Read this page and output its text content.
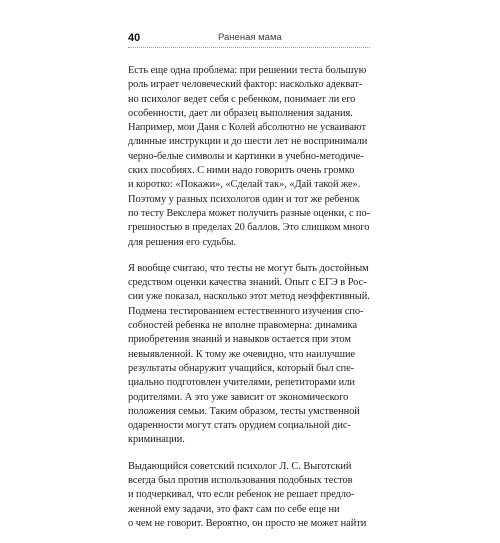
40	Раненая мама

Есть еще одна проблема: при решении теста большую
роль играет человеческий фактор: насколько адекват-
но психолог ведет себя с ребенком, понимает ли его
особенности, дает ли образец выполнения задания.
Например, мои Даня с Колей абсолютно не усваивают
длинные инструкции и до шести лет не воспринимали
черно-белые символы и картинки в учебно-методиче-
ских пособиях. С ними надо говорить очень громко
и коротко: «Покажи», «Сделай так», «Дай такой же».
Поэтому у разных психологов один и тот же ребенок
по тесту Векслера может получить разные оценки, с по-
грешностью в пределах 20 баллов. Это слишком много
для решения его судьбы.

Я вообще считаю, что тесты не могут быть достойным
средством оценки качества знаний. Опыт с ЕГЭ в Рос-
сии уже показал, насколько этот метод неэффективный.
Подмена тестированием естественного изучения спо-
собностей ребенка не вполне правомерна: динамика
приобретения знаний и навыков остается при этом
невыявленной. К тому же очевидно, что наилучшие
результаты обнаружит учащийся, который был спе-
циально подготовлен учителями, репетиторами или
родителями. А это уже зависит от экономического
положения семьи. Таким образом, тесты умственной
одаренности могут стать орудием социальной дис-
криминации.

Выдающийся советский психолог Л. С. Выготский
всегда был против использования подобных тестов
и подчеркивал, что если ребенок не решает предло-
женной ему задачи, это факт сам по себе еще ни
о чем не говорит. Вероятно, он просто не может найти
